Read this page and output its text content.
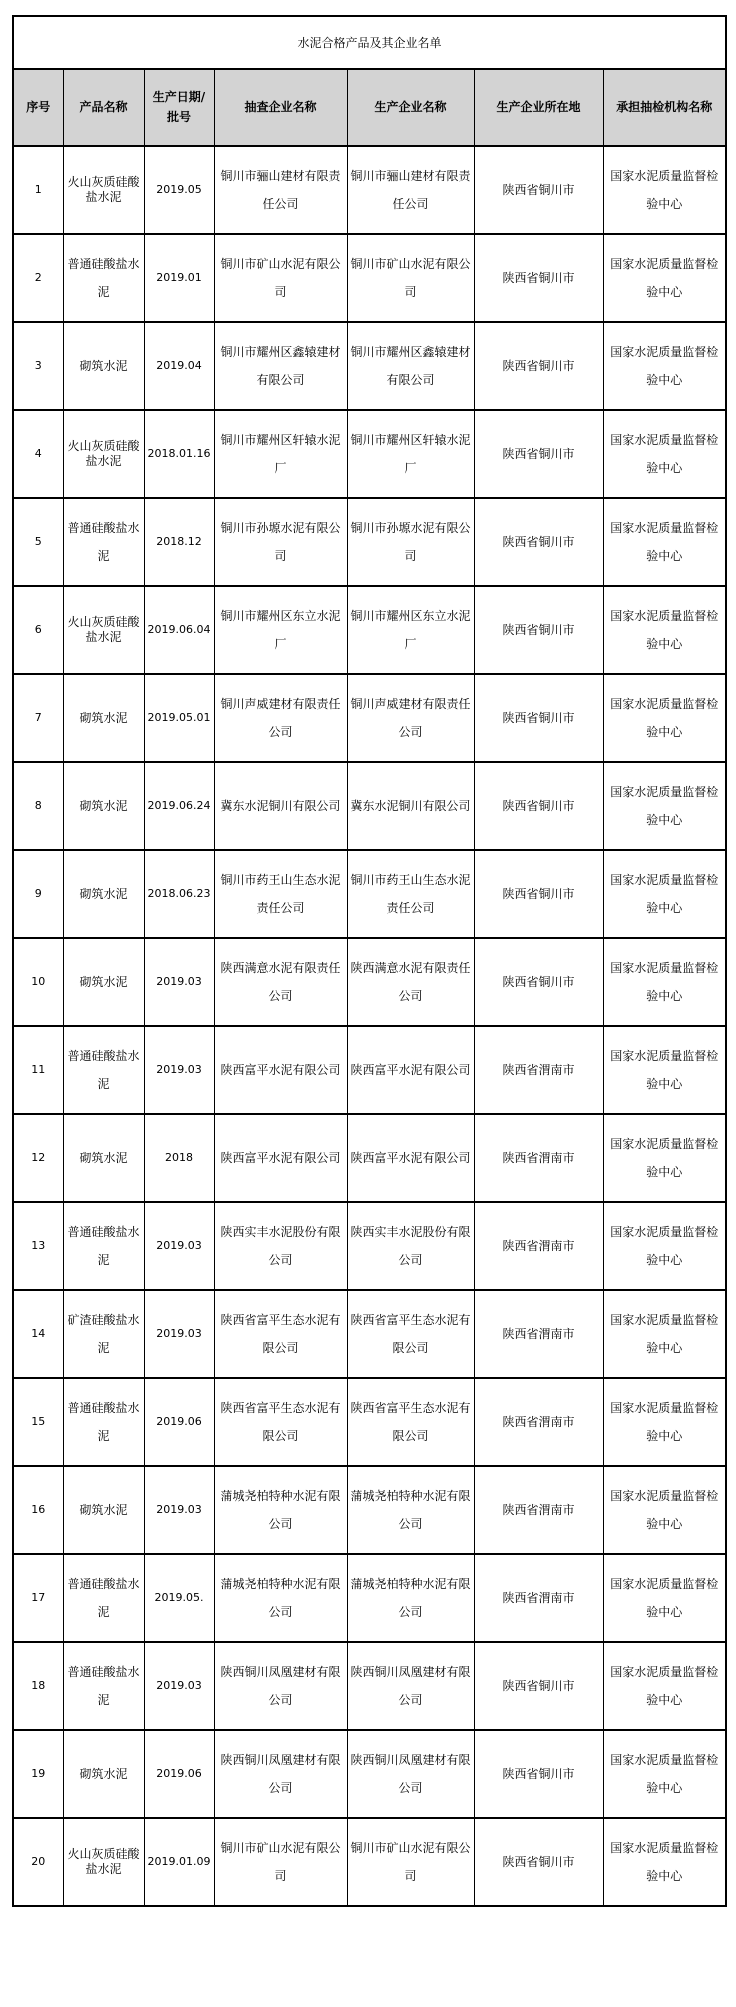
水泥合格产品及其企业名单						
序号	产品名称	生产日期/批号	抽查企业名称	生产企业名称	生产企业所在地	承担抽检机构名称
1	火山灰质硅酸盐水泥	2019.05	铜川市骊山建材有限责任公司	铜川市骊山建材有限责任公司	陕西省铜川市	国家水泥质量监督检验中心
2	普通硅酸盐水泥	2019.01	铜川市矿山水泥有限公司	铜川市矿山水泥有限公司	陕西省铜川市	国家水泥质量监督检验中心
3	砌筑水泥	2019.04	铜川市耀州区鑫辕建材有限公司	铜川市耀州区鑫辕建材有限公司	陕西省铜川市	国家水泥质量监督检验中心
4	火山灰质硅酸盐水泥	2018.01.16	铜川市耀州区轩辕水泥厂	铜川市耀州区轩辕水泥厂	陕西省铜川市	国家水泥质量监督检验中心
5	普通硅酸盐水泥	2018.12	铜川市孙塬水泥有限公司	铜川市孙塬水泥有限公司	陕西省铜川市	国家水泥质量监督检验中心
6	火山灰质硅酸盐水泥	2019.06.04	铜川市耀州区东立水泥厂	铜川市耀州区东立水泥厂	陕西省铜川市	国家水泥质量监督检验中心
7	砌筑水泥	2019.05.01	铜川声威建材有限责任公司	铜川声威建材有限责任公司	陕西省铜川市	国家水泥质量监督检验中心
8	砌筑水泥	2019.06.24	冀东水泥铜川有限公司	冀东水泥铜川有限公司	陕西省铜川市	国家水泥质量监督检验中心
9	砌筑水泥	2018.06.23	铜川市药王山生态水泥责任公司	铜川市药王山生态水泥责任公司	陕西省铜川市	国家水泥质量监督检验中心
10	砌筑水泥	2019.03	陕西满意水泥有限责任公司	陕西满意水泥有限责任公司	陕西省铜川市	国家水泥质量监督检验中心
11	普通硅酸盐水泥	2019.03	陕西富平水泥有限公司	陕西富平水泥有限公司	陕西省渭南市	国家水泥质量监督检验中心
12	砌筑水泥	2018	陕西富平水泥有限公司	陕西富平水泥有限公司	陕西省渭南市	国家水泥质量监督检验中心
13	普通硅酸盐水泥	2019.03	陕西实丰水泥股份有限公司	陕西实丰水泥股份有限公司	陕西省渭南市	国家水泥质量监督检验中心
14	矿渣硅酸盐水泥	2019.03	陕西省富平生态水泥有限公司	陕西省富平生态水泥有限公司	陕西省渭南市	国家水泥质量监督检验中心
15	普通硅酸盐水泥	2019.06	陕西省富平生态水泥有限公司	陕西省富平生态水泥有限公司	陕西省渭南市	国家水泥质量监督检验中心
16	砌筑水泥	2019.03	蒲城尧柏特种水泥有限公司	蒲城尧柏特种水泥有限公司	陕西省渭南市	国家水泥质量监督检验中心
17	普通硅酸盐水泥	2019.05.	蒲城尧柏特种水泥有限公司	蒲城尧柏特种水泥有限公司	陕西省渭南市	国家水泥质量监督检验中心
18	普通硅酸盐水泥	2019.03	陕西铜川凤凰建材有限公司	陕西铜川凤凰建材有限公司	陕西省铜川市	国家水泥质量监督检验中心
19	砌筑水泥	2019.06	陕西铜川凤凰建材有限公司	陕西铜川凤凰建材有限公司	陕西省铜川市	国家水泥质量监督检验中心
20	火山灰质硅酸盐水泥	2019.01.09	铜川市矿山水泥有限公司	铜川市矿山水泥有限公司	陕西省铜川市	国家水泥质量监督检验中心
